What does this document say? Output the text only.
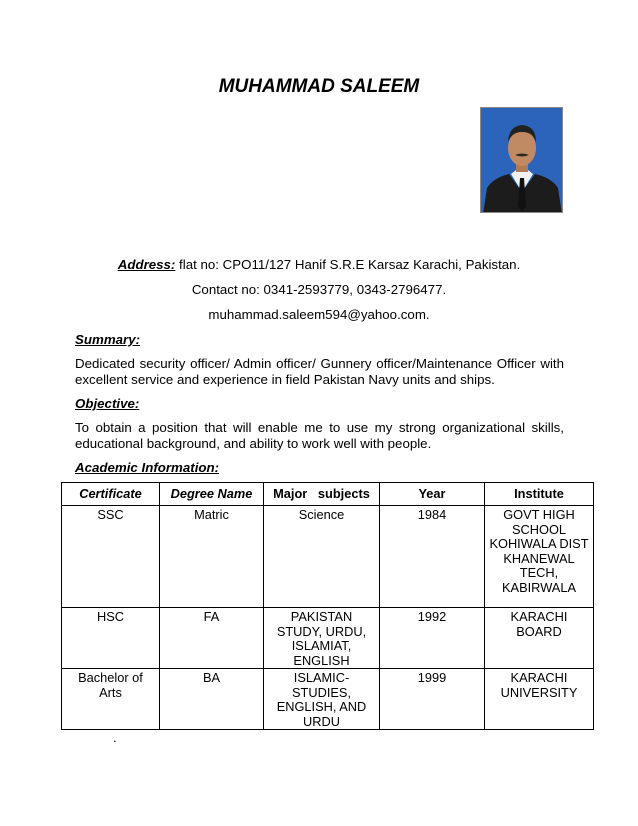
MUHAMMAD SALEEM
Address: flat no: CPO11/127 Hanif S.R.E Karsaz Karachi, Pakistan.
Contact no: 0341-2593779, 0343-2796477.
muhammad.saleem594@yahoo.com.
Summary:
Dedicated security officer/ Admin officer/ Gunnery officer/Maintenance Officer with excellent service and experience in field Pakistan Navy units and ships.
Objective:
To obtain a position that will enable me to use my strong organizational skills, educational background, and ability to work well with people.
Academic Information:
Certificate	Degree Name	Major   subjects	Year	Institute
SSC	Matric	Science	1984	GOVT HIGH SCHOOL KOHIWALA DIST KHANEWAL TECH, KABIRWALA
HSC	FA	PAKISTAN STUDY, URDU, ISLAMIAT, ENGLISH	1992	KARACHI BOARD
Bachelor of Arts	BA	ISLAMIC-STUDIES, ENGLISH, AND URDU	1999	KARACHI UNIVERSITY
.
